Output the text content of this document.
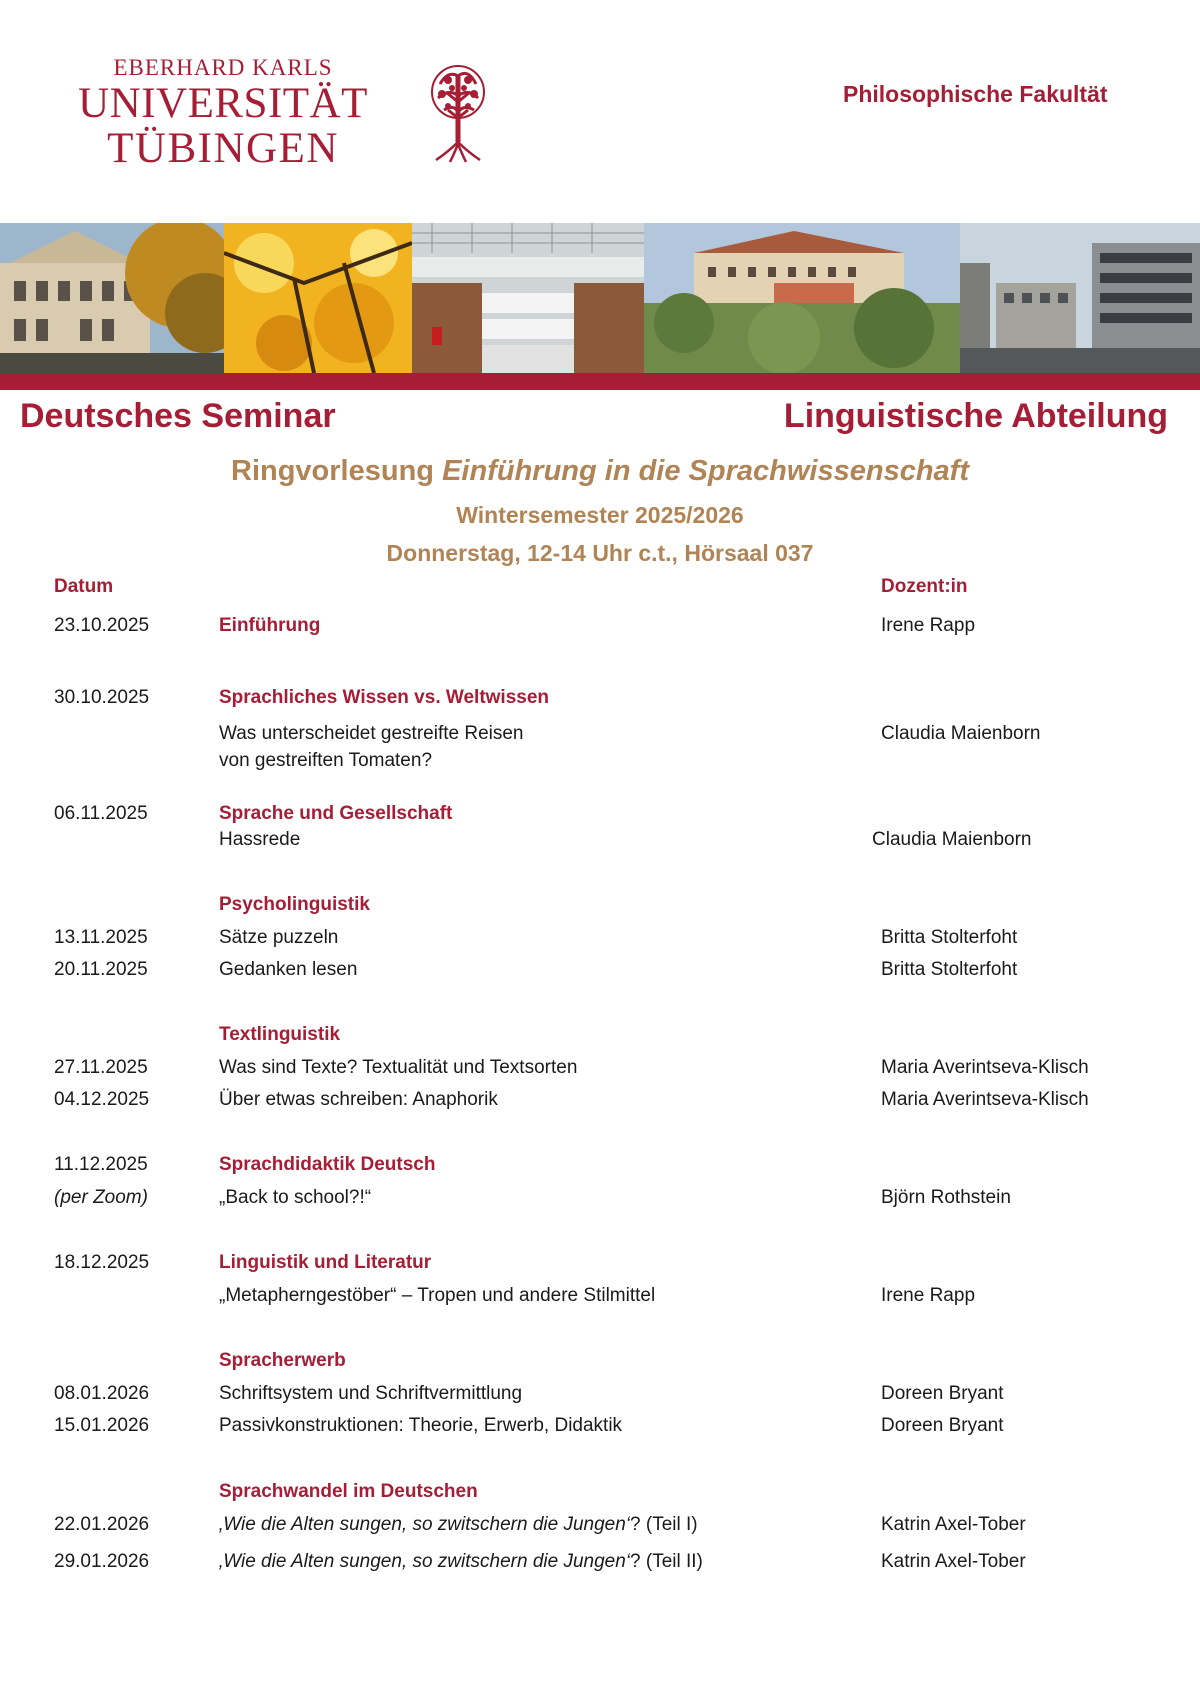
EBERHARD KARLS
UNIVERSITÄT
TÜBINGEN
Philosophische Fakultät
Deutsches Seminar	Linguistische Abteilung
Ringvorlesung Einführung in die Sprachwissenschaft
Wintersemester 2025/2026
Donnerstag, 12-14 Uhr c.t., Hörsaal 037
Datum	Dozent:in
23.10.2025	Einführung	Irene Rapp
30.10.2025	Sprachliches Wissen vs. Weltwissen
Was unterscheidet gestreifte Reisen	Claudia Maienborn
von gestreiften Tomaten?
06.11.2025	Sprache und Gesellschaft
Hassrede	Claudia Maienborn
Psycholinguistik
13.11.2025	Sätze puzzeln	Britta Stolterfoht
20.11.2025	Gedanken lesen	Britta Stolterfoht
Textlinguistik
27.11.2025	Was sind Texte? Textualität und Textsorten	Maria Averintseva-Klisch
04.12.2025	Über etwas schreiben: Anaphorik	Maria Averintseva-Klisch
11.12.2025	Sprachdidaktik Deutsch
(per Zoom)	„Back to school?!“	Björn Rothstein
18.12.2025	Linguistik und Literatur
„Metapherngestöber“ – Tropen und andere Stilmittel	Irene Rapp
Spracherwerb
08.01.2026	Schriftsystem und Schriftvermittlung	Doreen Bryant
15.01.2026	Passivkonstruktionen: Theorie, Erwerb, Didaktik	Doreen Bryant
Sprachwandel im Deutschen
22.01.2026	‚Wie die Alten sungen, so zwitschern die Jungen‘? (Teil I)	Katrin Axel-Tober
29.01.2026	‚Wie die Alten sungen, so zwitschern die Jungen‘? (Teil II)	Katrin Axel-Tober
